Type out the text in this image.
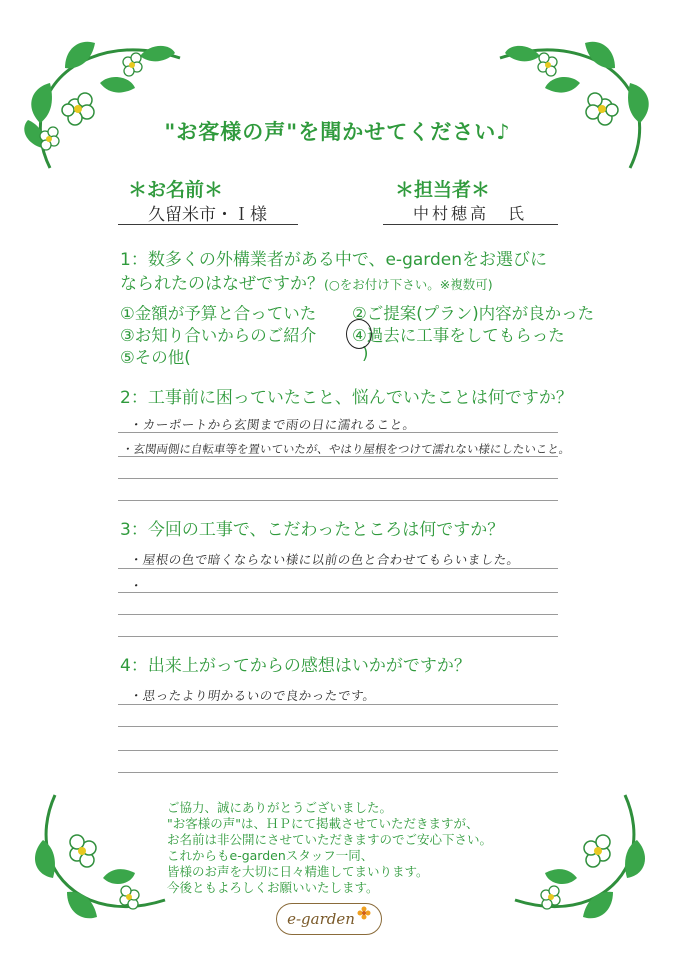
"お客様の声"を聞かせてください♪
＊お名前＊
久留米市・Ｉ様
＊担当者＊
中村穂高　氏
1：数多くの外構業者がある中で、e-gardenをお選びに
なられたのはなぜですか？(○をお付け下さい。※複数可)
①金額が予算と合っていた ②ご提案(プラン)内容が良かった
③お知り合いからのご紹介 ④過去に工事をしてもらった
⑤その他(	)
2：工事前に困っていたこと、悩んでいたことは何ですか？
・カーポートから玄関まで雨の日に濡れること。
・玄関両側に自転車等を置いていたが、やはり屋根をつけて濡れない様にしたいこと。
3：今回の工事で、こだわったところは何ですか？
・屋根の色で暗くならない様に以前の色と合わせてもらいました。
・
4：出来上がってからの感想はいかがですか？
・思ったより明かるいので良かったです。
ご協力、誠にありがとうございました。
"お客様の声"は、ＨＰにて掲載させていただきますが、
お名前は非公開にさせていただきますのでご安心下さい。
これからもe-gardenスタッフ一同、
皆様のお声を大切に日々精進してまいります。
今後ともよろしくお願いいたします。
e-garden
